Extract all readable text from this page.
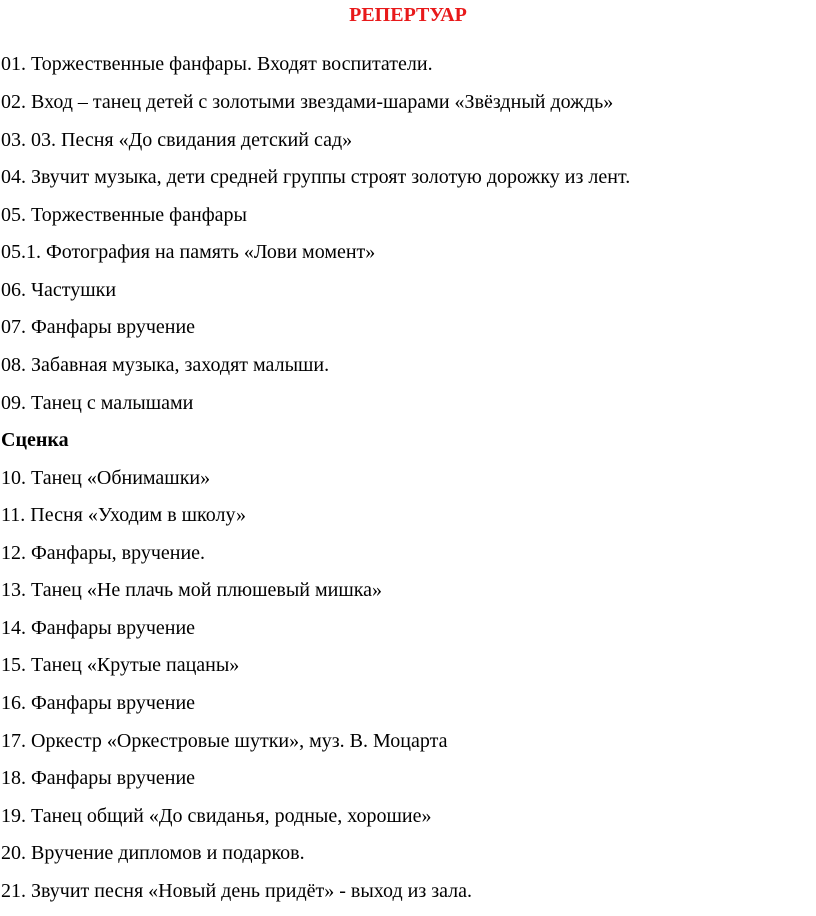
РЕПЕРТУАР
01. Торжественные фанфары. Входят воспитатели.
02. Вход – танец детей с золотыми звездами-шарами «Звёздный дождь»
03. 03. Песня «До свидания детский сад»
04. Звучит музыка, дети средней группы строят золотую дорожку из лент.
05. Торжественные фанфары
05.1. Фотография на память «Лови момент»
06. Частушки
07. Фанфары вручение
08. Забавная музыка, заходят малыши.
09. Танец с малышами
Сценка
10. Танец «Обнимашки»
11. Песня «Уходим в школу»
12. Фанфары, вручение.
13. Танец «Не плачь мой плюшевый мишка»
14. Фанфары вручение
15. Танец «Крутые пацаны»
16. Фанфары вручение
17. Оркестр «Оркестровые шутки», муз. В. Моцарта
18. Фанфары вручение
19. Танец общий «До свиданья, родные, хорошие»
20. Вручение дипломов и подарков.
21. Звучит песня «Новый день придёт» - выход из зала.
